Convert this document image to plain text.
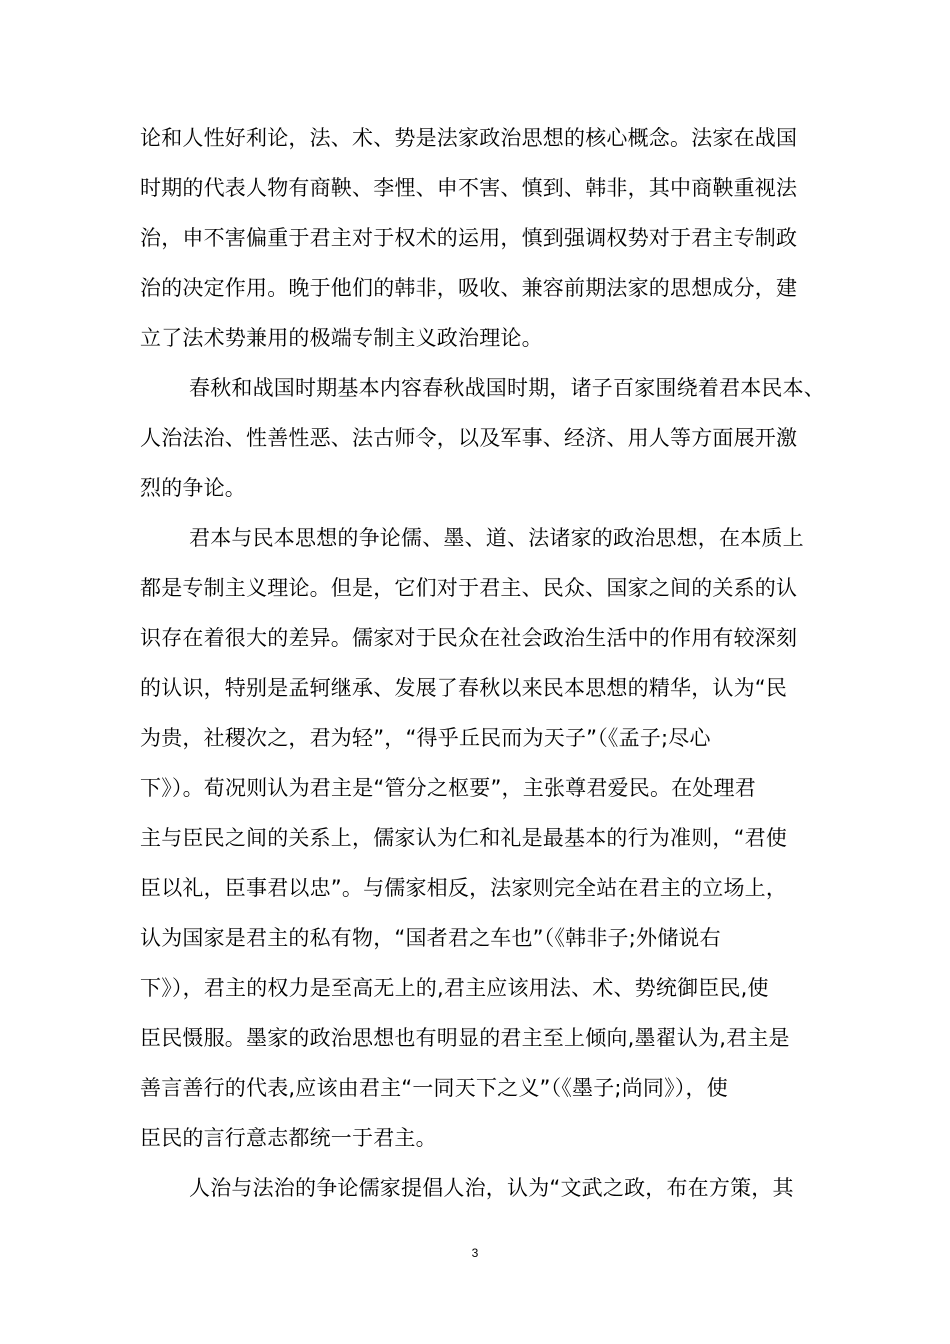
论和人性好利论，法、术、势是法家政治思想的核心概念。法家在战国
时期的代表人物有商鞅、李悝、申不害、慎到、韩非，其中商鞅重视法
治，申不害偏重于君主对于权术的运用，慎到强调权势对于君主专制政
治的决定作用。晚于他们的韩非，吸收、兼容前期法家的思想成分，建
立了法术势兼用的极端专制主义政治理论。
春秋和战国时期基本内容春秋战国时期，诸子百家围绕着君本民本、
人治法治、性善性恶、法古师令，以及军事、经济、用人等方面展开激
烈的争论。
君本与民本思想的争论儒、墨、道、法诸家的政治思想，在本质上
都是专制主义理论。但是，它们对于君主、民众、国家之间的关系的认
识存在着很大的差异。儒家对于民众在社会政治生活中的作用有较深刻
的认识，特别是孟轲继承、发展了春秋以来民本思想的精华，认为“民
为贵，社稷次之，君为轻”，“得乎丘民而为天子”（《孟子;尽心
下》）。荀况则认为君主是“管分之枢要”，主张尊君爱民。在处理君
主与臣民之间的关系上，儒家认为仁和礼是最基本的行为准则，“君使
臣以礼，臣事君以忠”。与儒家相反，法家则完全站在君主的立场上，
认为国家是君主的私有物，“国者君之车也”（《韩非子;外储说右
下》），君主的权力是至高无上的,君主应该用法、术、势统御臣民,使
臣民慑服。墨家的政治思想也有明显的君主至上倾向,墨翟认为,君主是
善言善行的代表,应该由君主“一同天下之义”（《墨子;尚同》），使
臣民的言行意志都统一于君主。
人治与法治的争论儒家提倡人治，认为“文武之政，布在方策，其
3
